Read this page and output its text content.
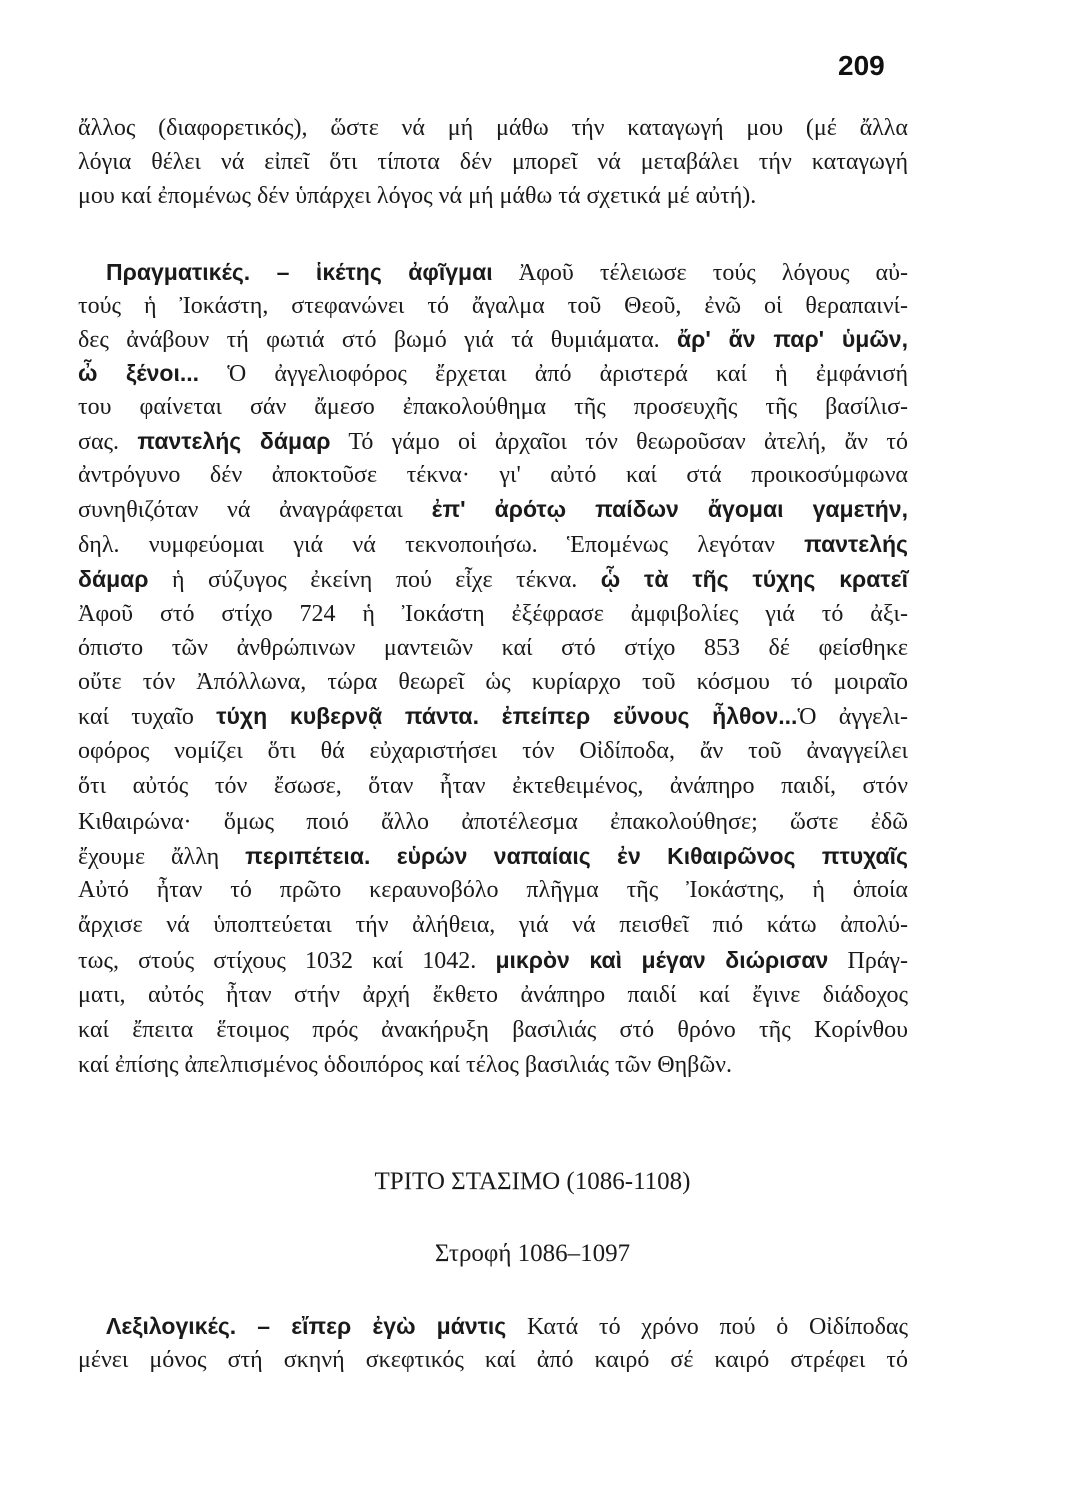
209
ἄλλος (διαφορετικός), ὥστε νά μή μάθω τήν καταγωγή μου (μέ ἄλλα
λόγια θέλει νά εἰπεῖ ὅτι τίποτα δέν μπορεῖ νά μεταβάλει τήν καταγωγή
μου καί ἐπομένως δέν ὑπάρχει λόγος νά μή μάθω τά σχετικά μέ αὐτή).
Πραγματικές. – ἱκέτης ἀφῖγμαι Ἀφοῦ τέλειωσε τούς λόγους αὐ-
τούς ἡ Ἰοκάστη, στεφανώνει τό ἄγαλμα τοῦ Θεοῦ, ἐνῶ οἱ θεραπαινί-
δες ἀνάβουν τή φωτιά στό βωμό γιά τά θυμιάματα. ἄρ' ἄν παρ' ὑμῶν,
ὦ ξένοι... Ὁ ἀγγελιοφόρος ἔρχεται ἀπό ἀριστερά καί ἡ ἐμφάνισή
του φαίνεται σάν ἄμεσο ἐπακολούθημα τῆς προσευχῆς τῆς βασίλισ-
σας. παντελής δάμαρ Τό γάμο οἱ ἀρχαῖοι τόν θεωροῦσαν ἀτελή, ἄν τό
ἀντρόγυνο δέν ἀποκτοῦσε τέκνα· γι' αὐτό καί στά προικοσύμφωνα
συνηθιζόταν νά ἀναγράφεται ἐπ' ἀρότῳ παίδων ἄγομαι γαμετήν,
δηλ. νυμφεύομαι γιά νά τεκνοποιήσω. Ἑπομένως λεγόταν παντελής
δάμαρ ἡ σύζυγος ἐκείνη πού εἶχε τέκνα. ᾧ τὰ τῆς τύχης κρατεῖ
Ἀφοῦ στό στίχο 724 ἡ Ἰοκάστη ἐξέφρασε ἀμφιβολίες γιά τό ἀξι-
όπιστο τῶν ἀνθρώπινων μαντειῶν καί στό στίχο 853 δέ φείσθηκε
οὔτε τόν Ἀπόλλωνα, τώρα θεωρεῖ ὡς κυρίαρχο τοῦ κόσμου τό μοιραῖο
καί τυχαῖο τύχη κυβερνᾷ πάντα. ἐπείπερ εὔνους ἦλθον...Ὁ ἀγγελι-
οφόρος νομίζει ὅτι θά εὐχαριστήσει τόν Οἰδίποδα, ἄν τοῦ ἀναγγείλει
ὅτι αὐτός τόν ἔσωσε, ὅταν ἦταν ἐκτεθειμένος, ἀνάπηρο παιδί, στόν
Κιθαιρώνα· ὅμως ποιό ἄλλο ἀποτέλεσμα ἐπακολούθησε; ὥστε ἐδῶ
ἔχουμε ἄλλη περιπέτεια. εὑρών ναπαίαις ἐν Κιθαιρῶνος πτυχαῖς
Αὐτό ἦταν τό πρῶτο κεραυνοβόλο πλῆγμα τῆς Ἰοκάστης, ἡ ὁποία
ἄρχισε νά ὑποπτεύεται τήν ἀλήθεια, γιά νά πεισθεῖ πιό κάτω ἀπολύ-
τως, στούς στίχους 1032 καί 1042. μικρὸν καὶ μέγαν διώρισαν Πράγ-
ματι, αὐτός ἦταν στήν ἀρχή ἔκθετο ἀνάπηρο παιδί καί ἔγινε διάδοχος
καί ἔπειτα ἕτοιμος πρός ἀνακήρυξη βασιλιάς στό θρόνο τῆς Κορίνθου
καί ἐπίσης ἀπελπισμένος ὁδοιπόρος καί τέλος βασιλιάς τῶν Θηβῶν.
ΤΡΙΤΟ ΣΤΑΣΙΜΟ (1086-1108)
Στροφή 1086–1097
Λεξιλογικές. – εἴπερ ἐγὼ μάντις Κατά τό χρόνο πού ὁ Οἰδίποδας
μένει μόνος στή σκηνή σκεφτικός καί ἀπό καιρό σέ καιρό στρέφει τό
